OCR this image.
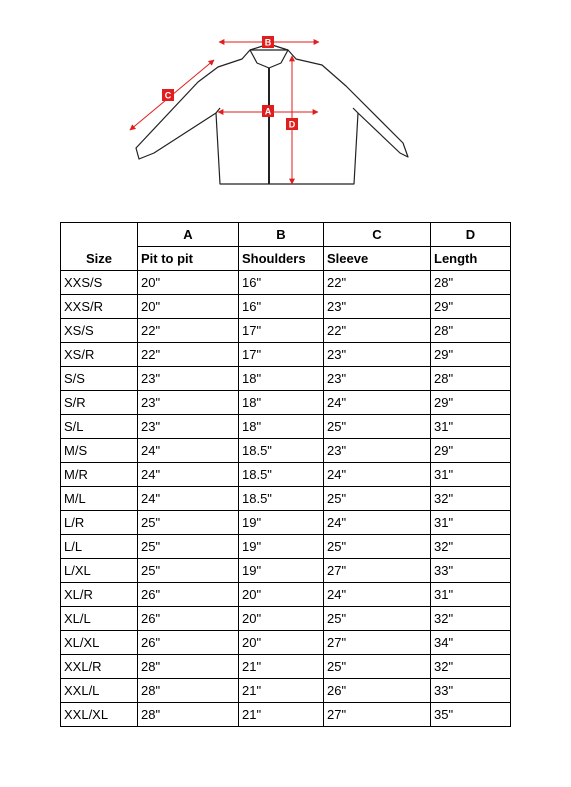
B
A
C
D
	A	B	C	D
Size	Pit to pit	Shoulders	Sleeve	Length
XXS/S	20"	16"	22"	28"
XXS/R	20"	16"	23"	29"
XS/S	22"	17"	22"	28"
XS/R	22"	17"	23"	29"
S/S	23"	18"	23"	28"
S/R	23"	18"	24"	29"
S/L	23"	18"	25"	31"
M/S	24"	18.5"	23"	29"
M/R	24"	18.5"	24"	31"
M/L	24"	18.5"	25"	32"
L/R	25"	19"	24"	31"
L/L	25"	19"	25"	32"
L/XL	25"	19"	27"	33"
XL/R	26"	20"	24"	31"
XL/L	26"	20"	25"	32"
XL/XL	26"	20"	27"	34"
XXL/R	28"	21"	25"	32"
XXL/L	28"	21"	26"	33"
XXL/XL	28"	21"	27"	35"
